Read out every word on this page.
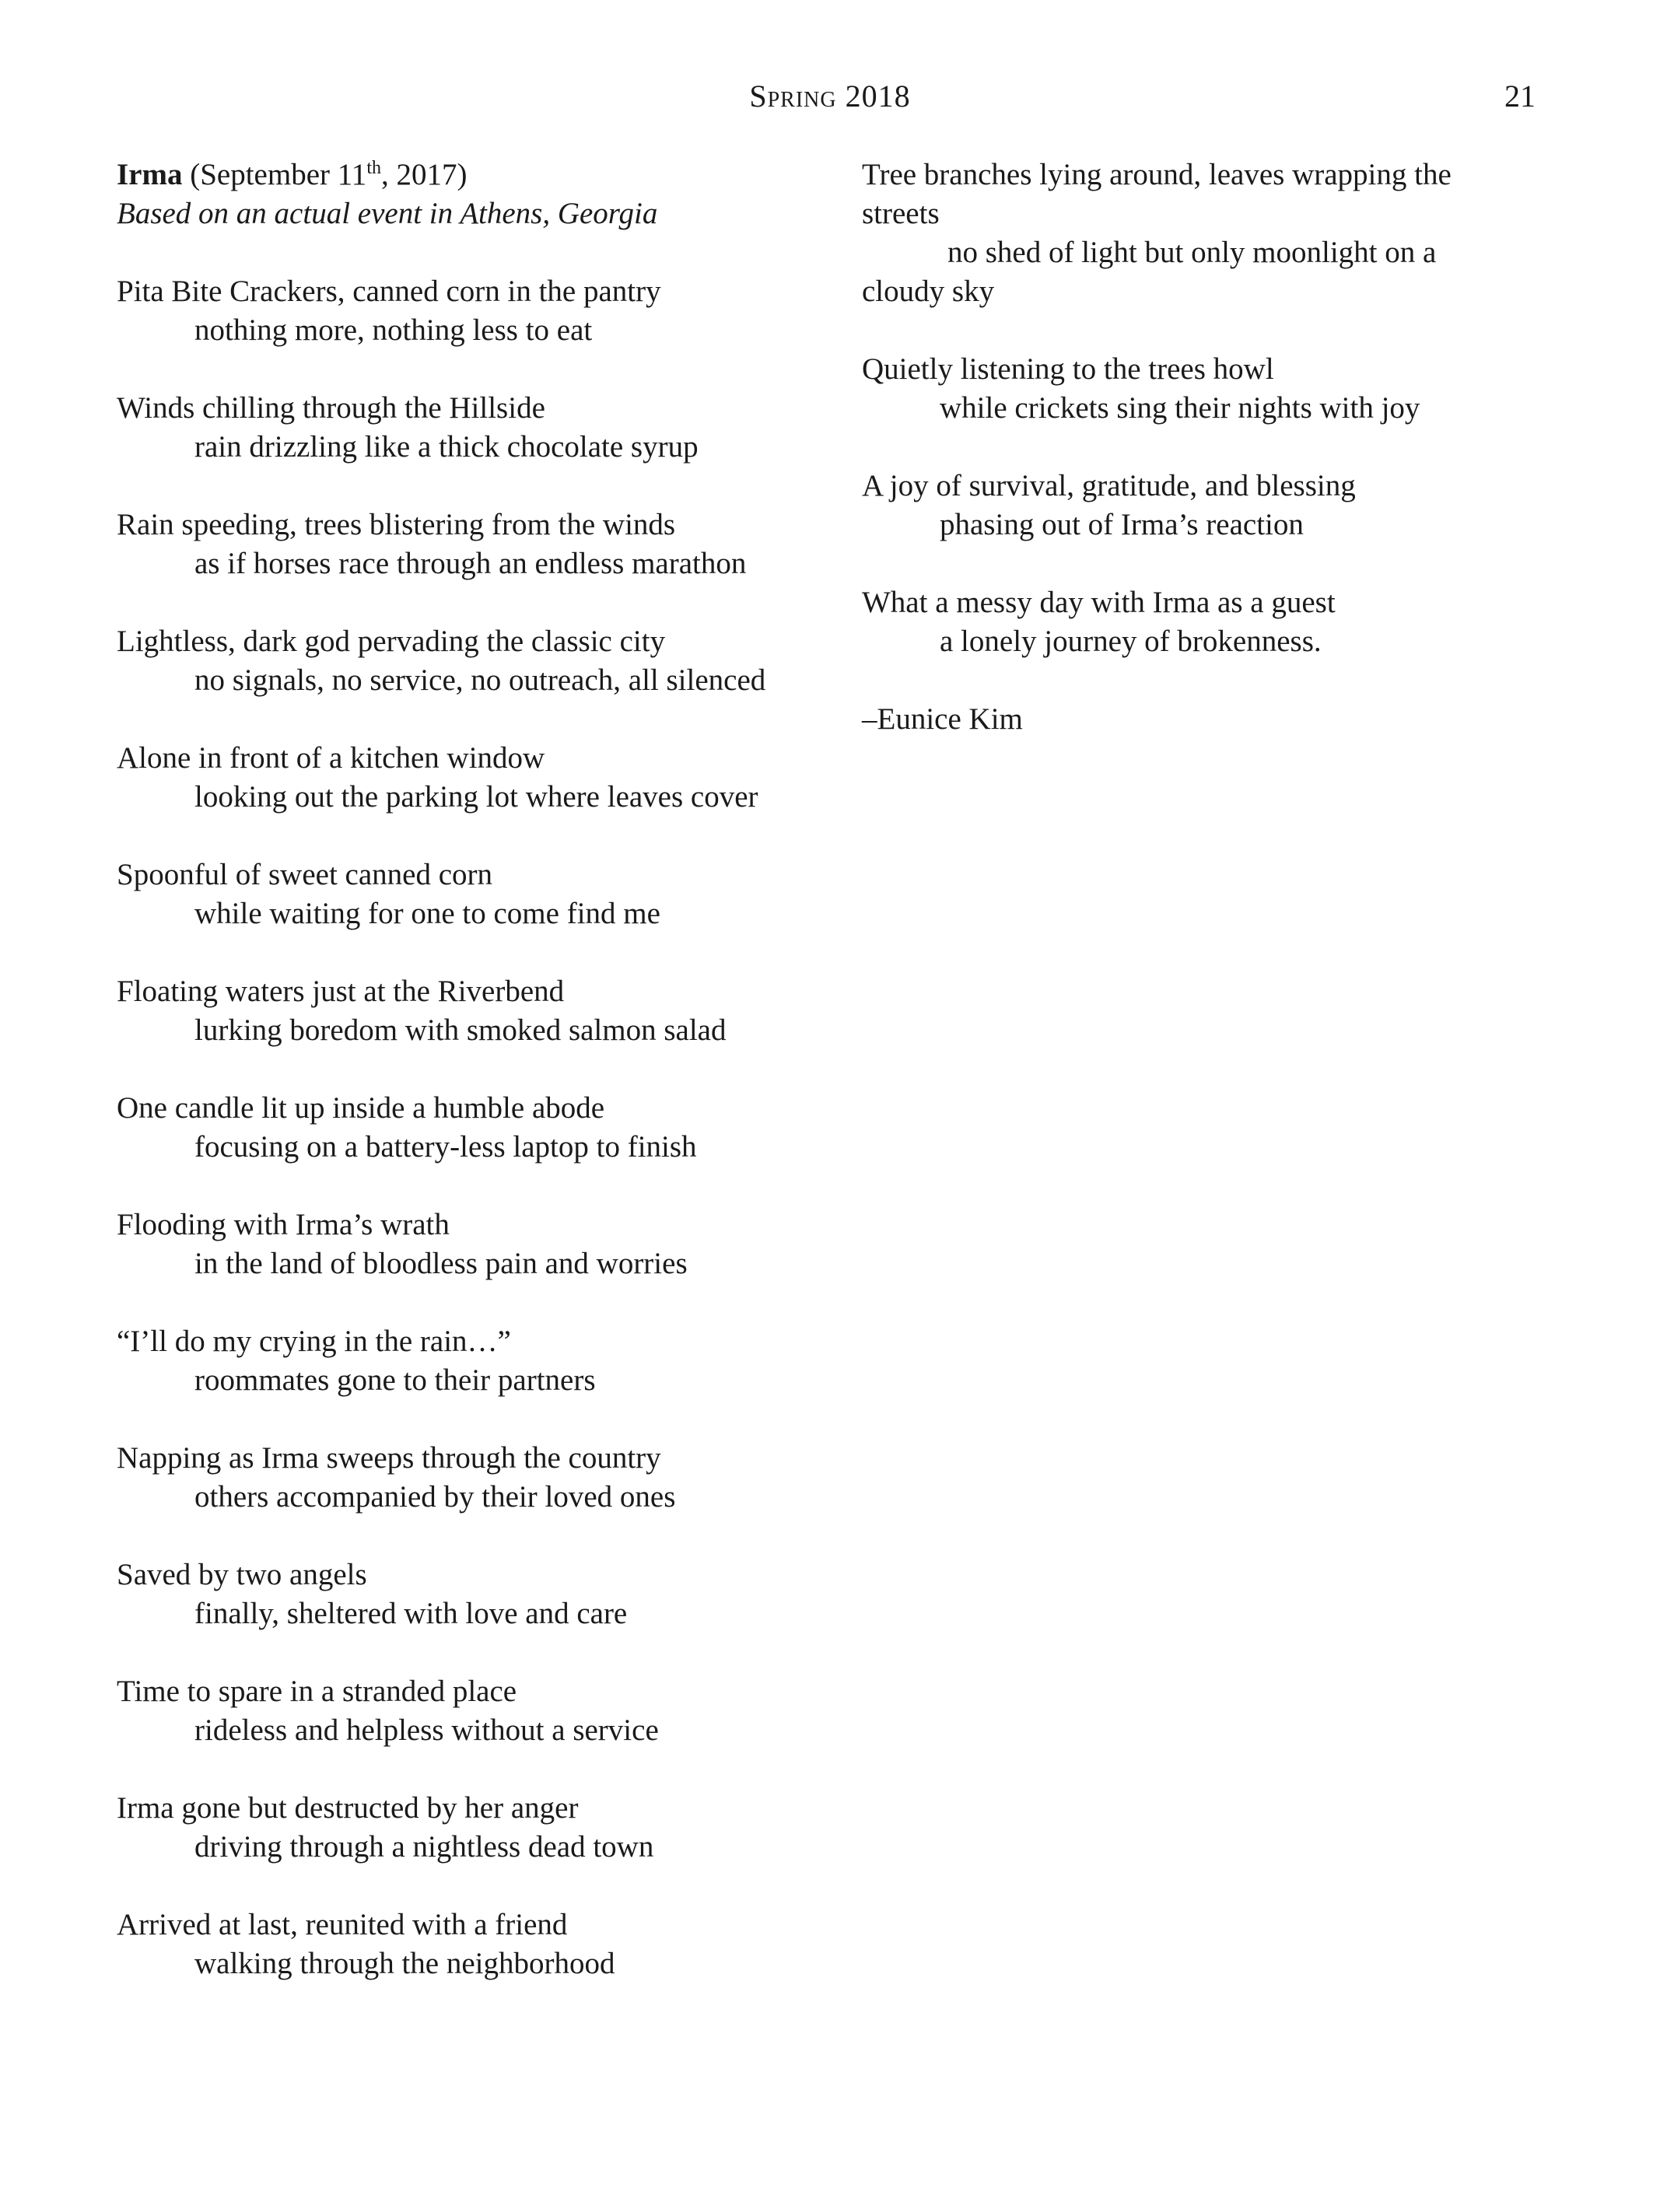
Spring 2018	21
Irma (September 11th, 2017)
Based on an actual event in Athens, Georgia
Pita Bite Crackers, canned corn in the pantry
nothing more, nothing less to eat
Winds chilling through the Hillside
rain drizzling like a thick chocolate syrup
Rain speeding, trees blistering from the winds
as if horses race through an endless marathon
Lightless, dark god pervading the classic city
no signals, no service, no outreach, all silenced
Alone in front of a kitchen window
looking out the parking lot where leaves cover
Spoonful of sweet canned corn
while waiting for one to come find me
Floating waters just at the Riverbend
lurking boredom with smoked salmon salad
One candle lit up inside a humble abode
focusing on a battery-less laptop to finish
Flooding with Irma’s wrath
in the land of bloodless pain and worries
“I’ll do my crying in the rain…”
roommates gone to their partners
Napping as Irma sweeps through the country
others accompanied by their loved ones
Saved by two angels
finally, sheltered with love and care
Time to spare in a stranded place
rideless and helpless without a service
Irma gone but destructed by her anger
driving through a nightless dead town
Arrived at last, reunited with a friend
walking through the neighborhood
Tree branches lying around, leaves wrapping the
streets
no shed of light but only moonlight on a
cloudy sky
Quietly listening to the trees howl
while crickets sing their nights with joy
A joy of survival, gratitude, and blessing
phasing out of Irma’s reaction
What a messy day with Irma as a guest
a lonely journey of brokenness.
–Eunice Kim
